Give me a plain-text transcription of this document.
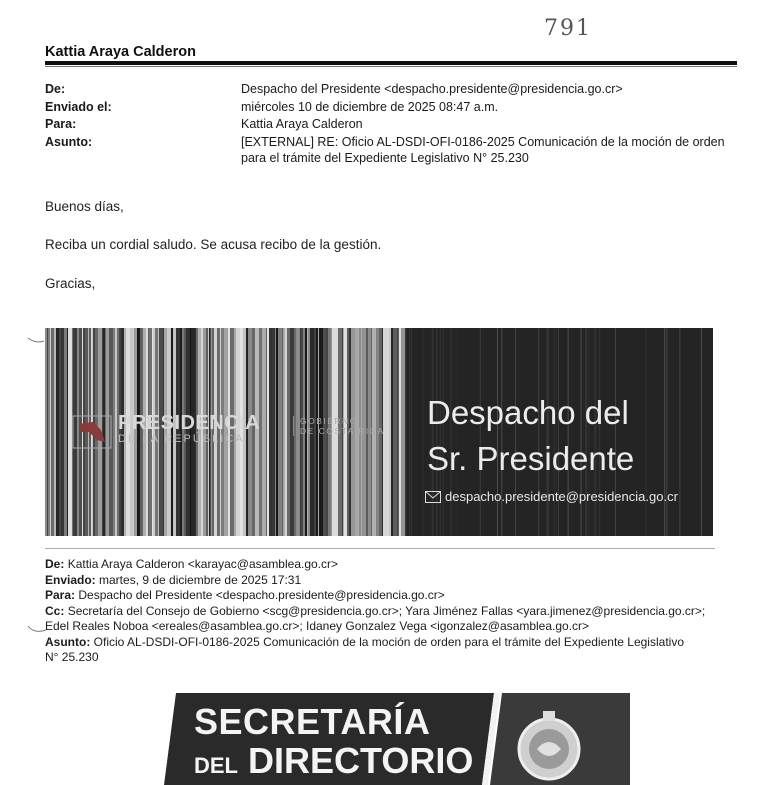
791
Kattia Araya Calderon
De:	Despacho del Presidente <despacho.presidente@presidencia.go.cr>
Enviado el:	miércoles 10 de diciembre de 2025 08:47 a.m.
Para:	Kattia Araya Calderon
Asunto:	[EXTERNAL] RE: Oficio AL-DSDI-OFI-0186-2025 Comunicación de la moción de orden
para el trámite del Expediente Legislativo N° 25.230
Buenos días,
Reciba un cordial saludo. Se acusa recibo de la gestión.
Gracias,
PRESIDENCIA
DE LA REPÚBLICA
GOBIERNO
DE COSTA RICA Despacho del
Sr. Presidente
despacho.presidente@presidencia.go.cr
De: Kattia Araya Calderon <karayac@asamblea.go.cr>
Enviado: martes, 9 de diciembre de 2025 17:31
Para: Despacho del Presidente <despacho.presidente@presidencia.go.cr>
Cc: Secretaría del Consejo de Gobierno <scg@presidencia.go.cr>; Yara Jiménez Fallas <yara.jimenez@presidencia.go.cr>;
Edel Reales Noboa <ereales@asamblea.go.cr>; Idaney Gonzalez Vega <igonzalez@asamblea.go.cr>
Asunto: Oficio AL-DSDI-OFI-0186-2025 Comunicación de la moción de orden para el trámite del Expediente Legislativo
N° 25.230
SECRETARÍA
DEL DIRECTORIO
